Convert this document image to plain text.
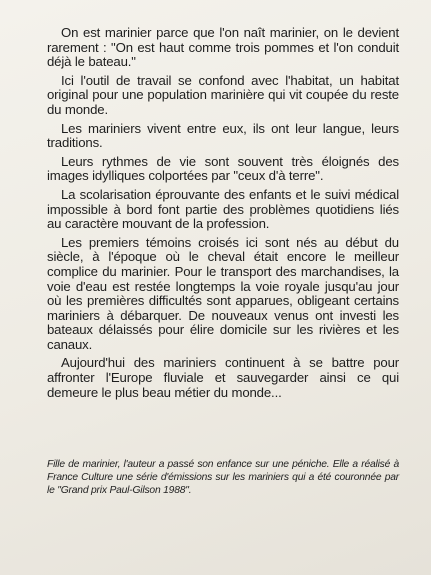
On est marinier parce que l'on naît marinier, on le devient rarement : "On est haut comme trois pommes et l'on conduit déjà le bateau."

Ici l'outil de travail se confond avec l'habitat, un habitat original pour une population marinière qui vit coupée du reste du monde.

Les mariniers vivent entre eux, ils ont leur langue, leurs traditions.

Leurs rythmes de vie sont souvent très éloignés des images idylliques colportées par "ceux d'à terre".

La scolarisation éprouvante des enfants et le suivi médical impossible à bord font partie des problèmes quotidiens liés au caractère mouvant de la profession.

Les premiers témoins croisés ici sont nés au début du siècle, à l'époque où le cheval était encore le meilleur complice du marinier. Pour le transport des marchandises, la voie d'eau est restée longtemps la voie royale jusqu'au jour où les premières difficultés sont apparues, obligeant certains mariniers à débarquer. De nouveaux venus ont investi les bateaux délaissés pour élire domicile sur les rivières et les canaux.

Aujourd'hui des mariniers continuent à se battre pour affronter l'Europe fluviale et sauvegarder ainsi ce qui demeure le plus beau métier du monde...

Fille de marinier, l'auteur a passé son enfance sur une péniche. Elle a réalisé à France Culture une série d'émissions sur les mariniers qui a été couronnée par le "Grand prix Paul-Gilson 1988".
